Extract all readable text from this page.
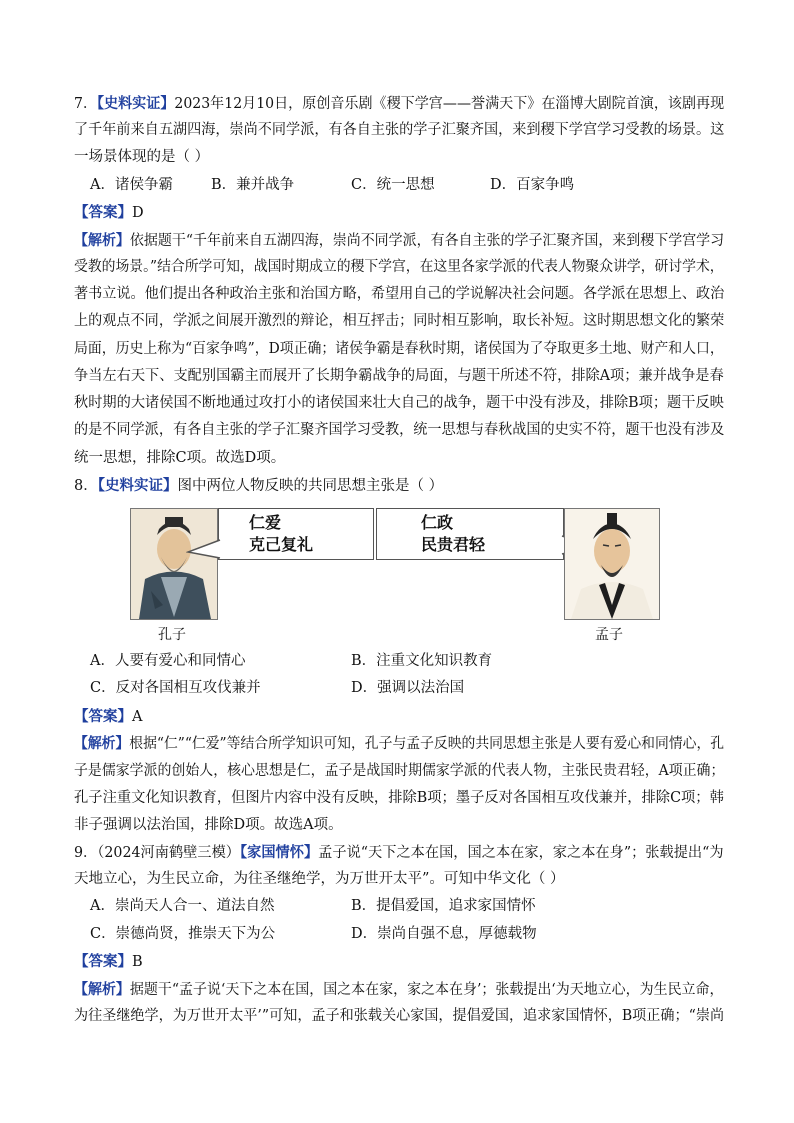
7．【史料实证】2023年12月10日，原创音乐剧《稷下学宫——誉满天下》在淄博大剧院首演，该剧再现
了千年前来自五湖四海，崇尚不同学派，有各自主张的学子汇聚齐国，来到稷下学宫学习受教的场景。这
一场景体现的是（ ）
A．诸侯争霸	B．兼并战争	C．统一思想	D．百家争鸣
【答案】D
【解析】依据题干“千年前来自五湖四海，崇尚不同学派，有各自主张的学子汇聚齐国，来到稷下学宫学习
受教的场景。”结合所学可知，战国时期成立的稷下学宫，在这里各家学派的代表人物聚众讲学，研讨学术，
著书立说。他们提出各种政治主张和治国方略，希望用自己的学说解决社会问题。各学派在思想上、政治
上的观点不同，学派之间展开激烈的辩论，相互抨击；同时相互影响，取长补短。这时期思想文化的繁荣
局面，历史上称为“百家争鸣”，D项正确；诸侯争霸是春秋时期，诸侯国为了夺取更多土地、财产和人口，
争当左右天下、支配别国霸主而展开了长期争霸战争的局面，与题干所述不符，排除A项；兼并战争是春
秋时期的大诸侯国不断地通过攻打小的诸侯国来壮大自己的战争，题干中没有涉及，排除B项；题干反映
的是不同学派，有各自主张的学子汇聚齐国学习受教，统一思想与春秋战国的史实不符，题干也没有涉及
统一思想，排除C项。故选D项。
8．【史料实证】图中两位人物反映的共同思想主张是（ ）
仁爱
克己复礼
仁政
民贵君轻
孔子	孟子
A．人要有爱心和同情心	B．注重文化知识教育
C．反对各国相互攻伐兼并	D．强调以法治国
【答案】A
【解析】根据“仁”“仁爱”等结合所学知识可知，孔子与孟子反映的共同思想主张是人要有爱心和同情心，孔
子是儒家学派的创始人，核心思想是仁，孟子是战国时期儒家学派的代表人物，主张民贵君轻，A项正确；
孔子注重文化知识教育，但图片内容中没有反映，排除B项；墨子反对各国相互攻伐兼并，排除C项；韩
非子强调以法治国，排除D项。故选A项。
9．（2024河南鹤壁三模）【家国情怀】孟子说“天下之本在国，国之本在家，家之本在身”；张载提出“为
天地立心，为生民立命，为往圣继绝学，为万世开太平”。可知中华文化（ ）
A．崇尚天人合一、道法自然	B．提倡爱国，追求家国情怀
C．崇德尚贤，推崇天下为公	D．崇尚自强不息，厚德载物
【答案】B
【解析】据题干“孟子说‘天下之本在国，国之本在家，家之本在身’；张载提出‘为天地立心，为生民立命，
为往圣继绝学，为万世开太平’”可知，孟子和张载关心家国，提倡爱国，追求家国情怀，B项正确；“崇尚
